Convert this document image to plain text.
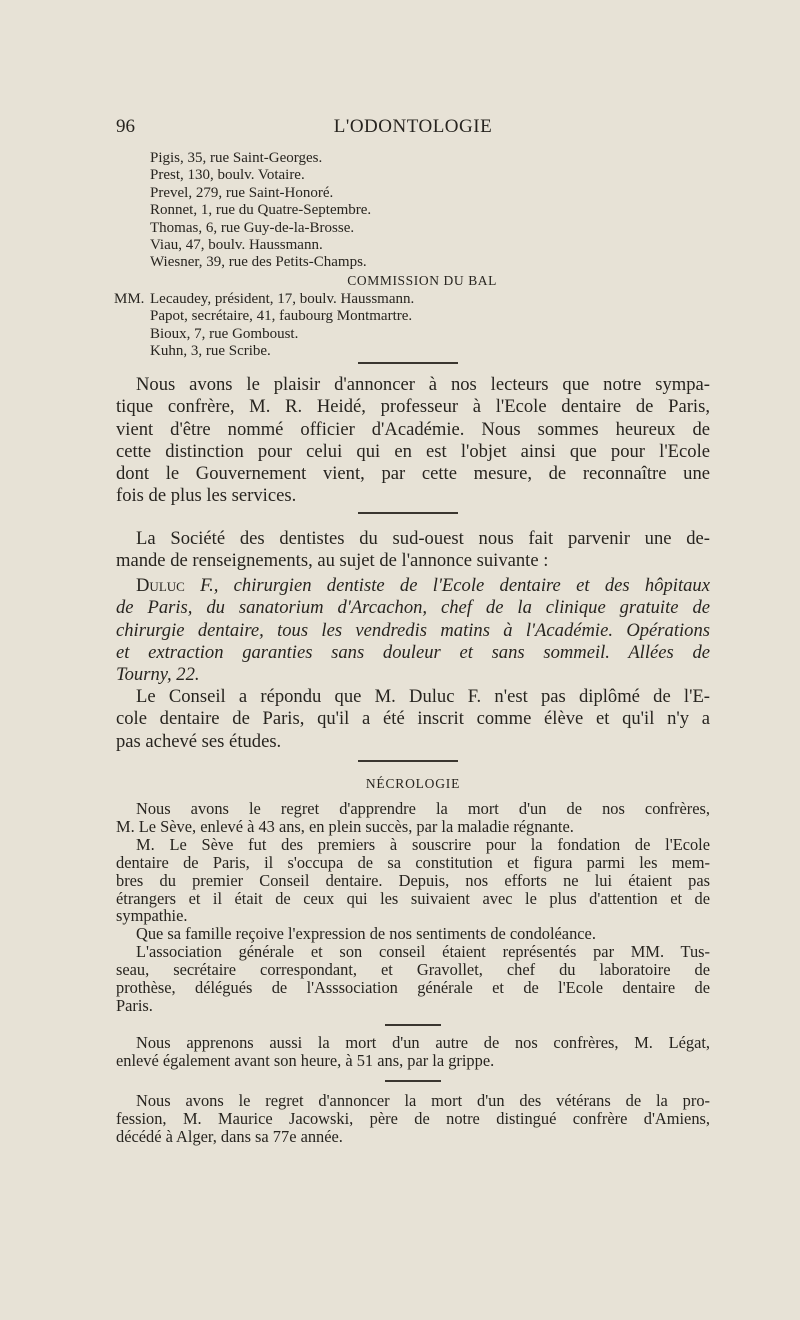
96	L'ODONTOLOGIE
Pigis, 35, rue Saint-Georges.
Prest, 130, boulv. Votaire.
Prevel, 279, rue Saint-Honoré.
Ronnet, 1, rue du Quatre-Septembre.
Thomas, 6, rue Guy-de-la-Brosse.
Viau, 47, boulv. Haussmann.
Wiesner, 39, rue des Petits-Champs.
COMMISSION DU BAL
MM. Lecaudey, président, 17, boulv. Haussmann.
Papot, secrétaire, 41, faubourg Montmartre.
Bioux, 7, rue Gomboust.
Kuhn, 3, rue Scribe.
Nous avons le plaisir d'annoncer à nos lecteurs que notre sympa-
tique confrère, M. R. Heidé, professeur à l'Ecole dentaire de Paris,
vient d'être nommé officier d'Académie. Nous sommes heureux de
cette distinction pour celui qui en est l'objet ainsi que pour l'Ecole
dont le Gouvernement vient, par cette mesure, de reconnaître une
fois de plus les services.
La Société des dentistes du sud-ouest nous fait parvenir une de-
mande de renseignements, au sujet de l'annonce suivante :
Duluc F., chirurgien dentiste de l'Ecole dentaire et des hôpitaux
de Paris, du sanatorium d'Arcachon, chef de la clinique gratuite de
chirurgie dentaire, tous les vendredis matins à l'Académie. Opérations
et extraction garanties sans douleur et sans sommeil. Allées de
Tourny, 22.
Le Conseil a répondu que M. Duluc F. n'est pas diplômé de l'E-
cole dentaire de Paris, qu'il a été inscrit comme élève et qu'il n'y a
pas achevé ses études.
NÉCROLOGIE
Nous avons le regret d'apprendre la mort d'un de nos confrères,
M. Le Sève, enlevé à 43 ans, en plein succès, par la maladie régnante.
M. Le Sève fut des premiers à souscrire pour la fondation de l'Ecole
dentaire de Paris, il s'occupa de sa constitution et figura parmi les mem-
bres du premier Conseil dentaire. Depuis, nos efforts ne lui étaient pas
étrangers et il était de ceux qui les suivaient avec le plus d'attention et de
sympathie.
Que sa famille reçoive l'expression de nos sentiments de condoléance.
L'association générale et son conseil étaient représentés par MM. Tus-
seau, secrétaire correspondant, et Gravollet, chef du laboratoire de
prothèse, délégués de l'Asssociation générale et de l'Ecole dentaire de
Paris.
Nous apprenons aussi la mort d'un autre de nos confrères, M. Légat,
enlevé également avant son heure, à 51 ans, par la grippe.
Nous avons le regret d'annoncer la mort d'un des vétérans de la pro-
fession, M. Maurice Jacowski, père de notre distingué confrère d'Amiens,
décédé à Alger, dans sa 77e année.
